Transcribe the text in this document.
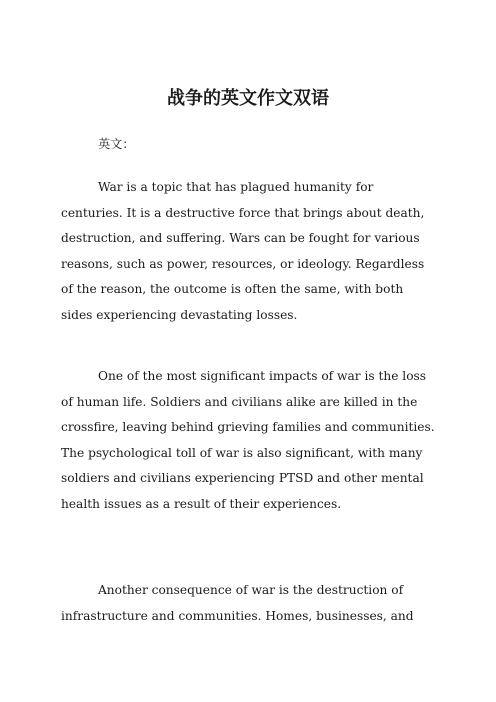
战争的英文作文双语

英文：

War is a topic that has plagued humanity for centuries. It is a destructive force that brings about death, destruction, and suffering. Wars can be fought for various reasons, such as power, resources, or ideology. Regardless of the reason, the outcome is often the same, with both sides experiencing devastating losses.

One of the most significant impacts of war is the loss of human life. Soldiers and civilians alike are killed in the crossfire, leaving behind grieving families and communities. The psychological toll of war is also significant, with many soldiers and civilians experiencing PTSD and other mental health issues as a result of their experiences.

Another consequence of war is the destruction of infrastructure and communities. Homes, businesses, and
